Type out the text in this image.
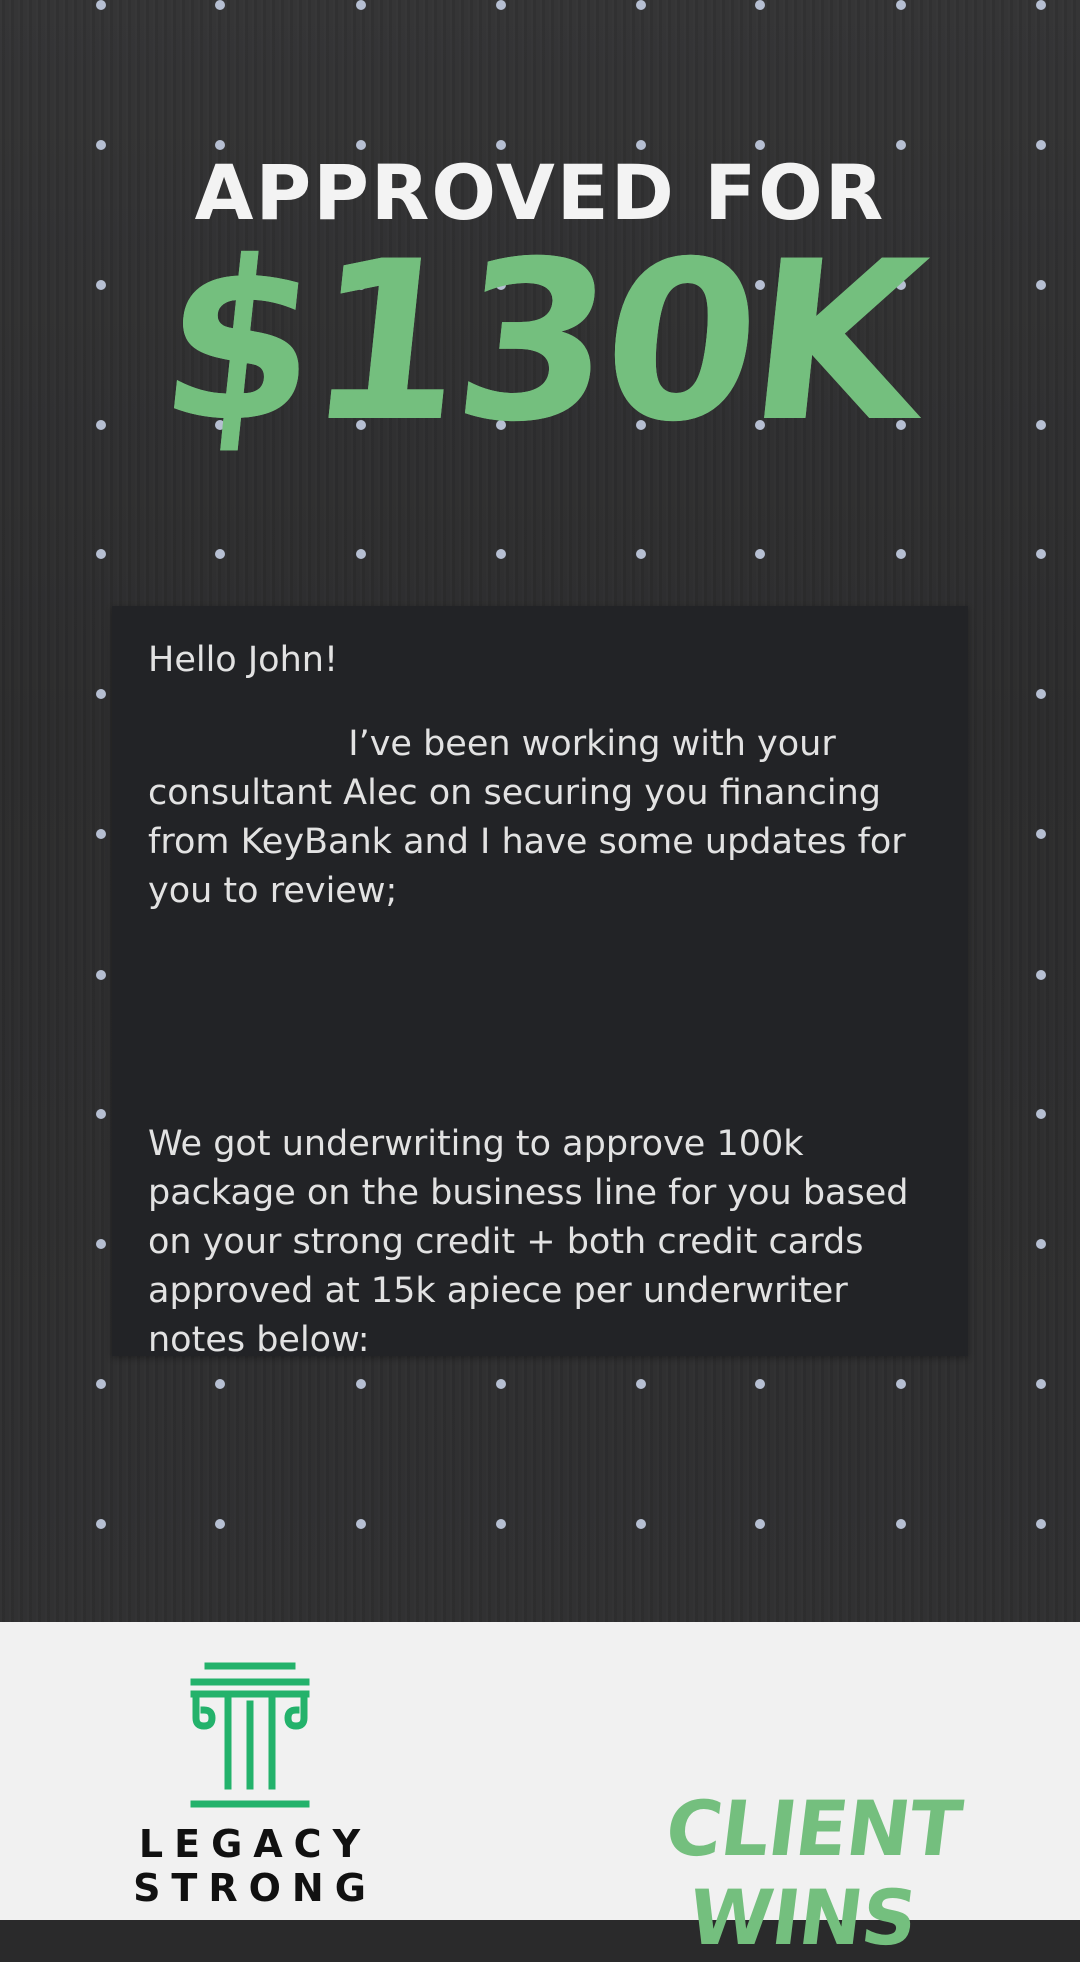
APPROVED FOR
$130K

Hello John!

I’ve been working with your consultant Alec on securing you financing from KeyBank and I have some updates for you to review;

We got underwriting to approve 100k package on the business line for you based on your strong credit + both credit cards approved at 15k apiece per underwriter notes below:

LEGACY STRONG
CLIENT WINS
